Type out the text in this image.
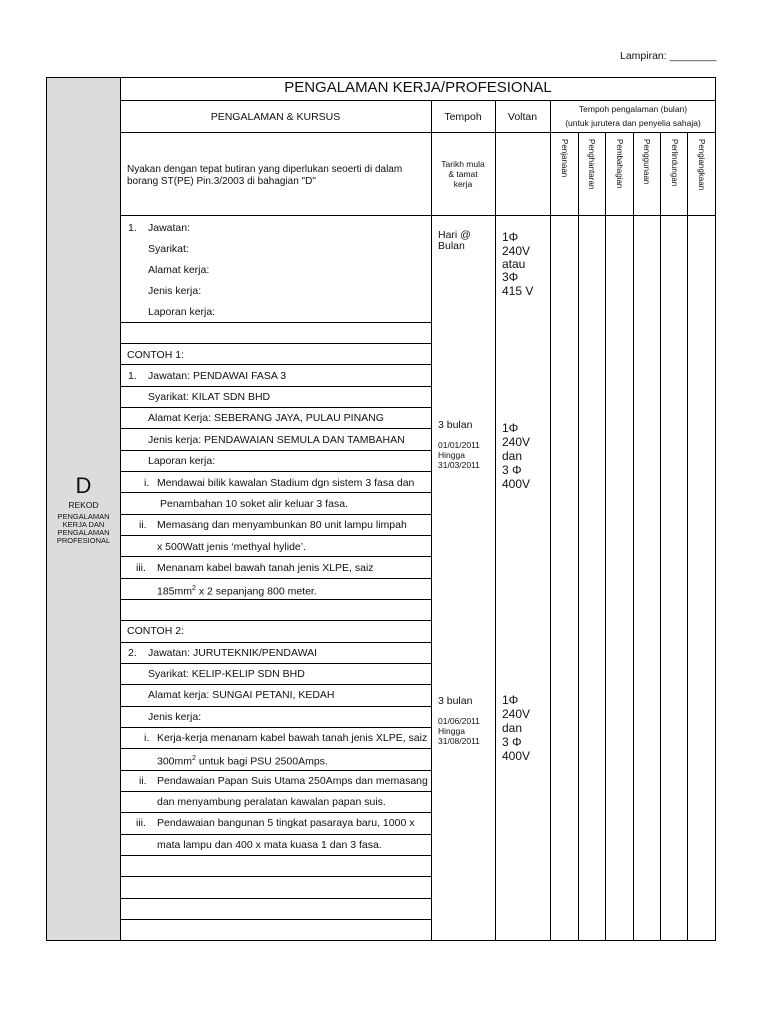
Lampiran: ________
PENGALAMAN KERJA/PROFESIONAL
PENGALAMAN & KURSUS	Tempoh	Voltan
Tempoh pengalaman (bulan)
(untuk jurutera dan penyelia sahaja)
Nyakan dengan tepat butiran yang diperlukan seoerti di dalam
borang ST(PE) Pin.3/2003 di bahagian "D"
Tarikh mula
& tamat
kerja
Penjanaan Penghantaran Pembahagian Penggunaan Perlindungan Pengiangkaan
D
REKOD
PENGALAMAN
KERJA DAN
PENGALAMAN
PROFESIONAL
1. Jawatan:
Syarikat:
Alamat kerja:
Jenis kerja:
Laporan kerja:
Hari @
Bulan
1Φ
240V
atau
3Φ
415 V
CONTOH 1:
1. Jawatan: PENDAWAI FASA 3
Syarikat: KILAT SDN BHD
Alamat Kerja: SEBERANG JAYA, PULAU PINANG
Jenis kerja: PENDAWAIAN SEMULA DAN TAMBAHAN
Laporan kerja:
i. Mendawai bilik kawalan Stadium dgn sistem 3 fasa dan
Penambahan 10 soket alir keluar 3 fasa.
ii. Memasang dan menyambunkan 80 unit lampu limpah
x 500Watt jenis ‘methyal hylide’.
iii. Menanam kabel bawah tanah jenis XLPE, saiz
$185mm^2$ x 2 sepanjang 800 meter.
3 bulan
01/01/2011
Hingga
31/03/2011
1Φ
240V
dan
3 Φ
400V
CONTOH 2:
2. Jawatan: JURUTEKNIK/PENDAWAI
Syarikat: KELIP-KELIP SDN BHD
Alamat kerja: SUNGAI PETANI, KEDAH
Jenis kerja:
i. Kerja-kerja menanam kabel bawah tanah jenis XLPE, saiz
$300mm^2$ untuk bagi PSU 2500Amps.
ii. Pendawaian Papan Suis Utama 250Amps dan memasang
dan menyambung peralatan kawalan papan suis.
iii. Pendawaian bangunan 5 tingkat pasaraya baru, 1000 x
mata lampu dan 400 x mata kuasa 1 dan 3 fasa.
3 bulan
01/06/2011
Hingga
31/08/2011
1Φ
240V
dan
3 Φ
400V
